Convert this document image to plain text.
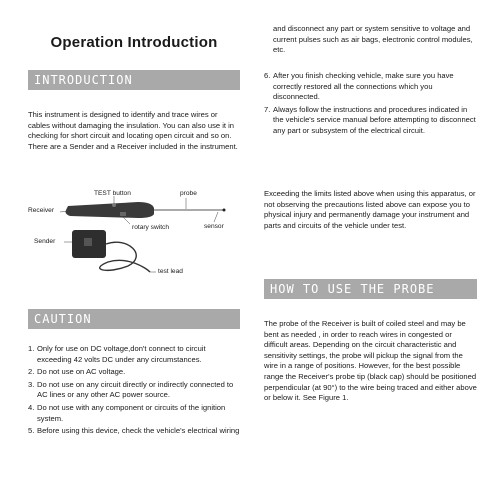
Operation Introduction
INTRODUCTION
This instrument is designed to identify and trace wires or cables without damaging the insulation. You can also use it in checking for short circuit and locating open circuit and so on. There are a Sender and a Receiver included in the instrument.
TEST button	probe
Receiver
rotary switch	sensor
Sender
test lead
CAUTION
1. Only for use on DC voltage,don't connect to circuit exceeding 42 volts DC under any circumstances.
2. Do not use on AC voltage.
3. Do not use on any circuit directly or indirectly connected to AC lines or any other AC power source.
4. Do not use with any component or circuits of the ignition system.
5. Before using this device, check the vehicle's electrical wiring
and disconnect any part or system sensitive to voltage and current pulses such as air bags, electronic control modules, etc.
6. After you finish checking vehicle, make sure you have correctly restored all the connections which you disconnected.
7. Always follow the instructions and procedures indicated in the vehicle's service manual before attempting to disconnect any part or subsystem of the electrical circuit.
Exceeding the limits listed above when using this apparatus, or not observing the precautions listed above can expose you to physical injury and permanently damage your instrument and parts and circuits of the vehicle under test.
HOW TO USE THE PROBE
The probe of the Receiver is built of coiled steel and may be bent as needed , in order to reach wires in congested or difficult areas. Depending on the circuit characteristic and sensitivity settings, the probe will pickup the signal from the wire in a range of positions. However, for the best possible range the Receiver's probe tip (black cap) should be positioned perpendicular (at 90°) to the wire being traced and either above or below it. See Figure 1.
